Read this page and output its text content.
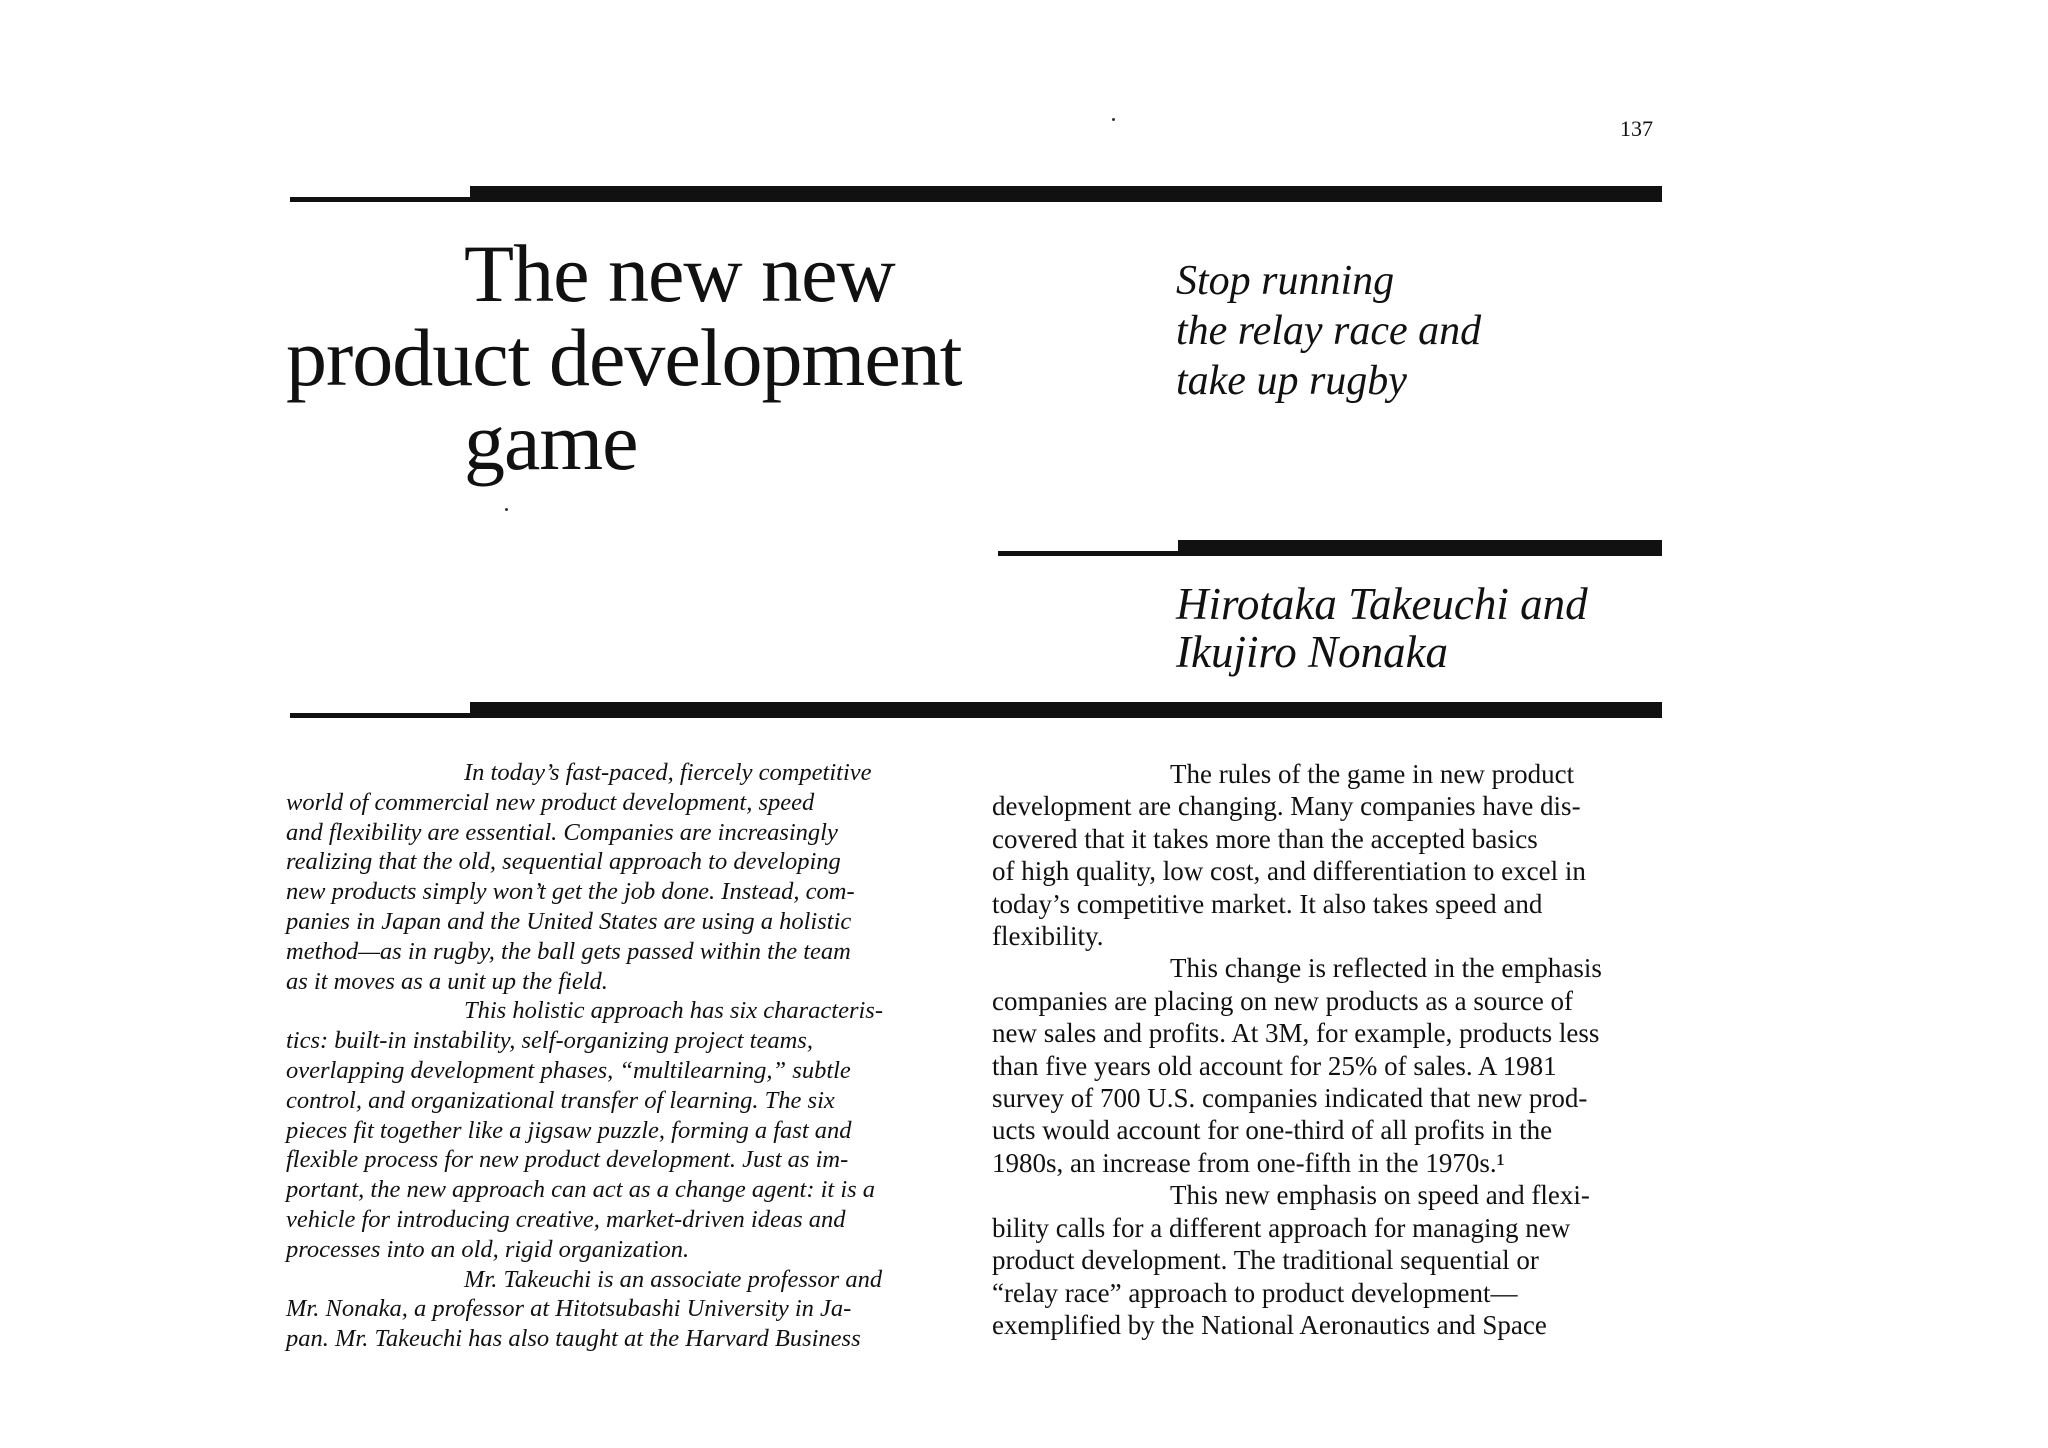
137
The new new
product development
game
Stop running
the relay race and
take up rugby
Hirotaka Takeuchi and
Ikujiro Nonaka
In today’s fast-paced, fiercely competitive
world of commercial new product development, speed
and flexibility are essential. Companies are increasingly
realizing that the old, sequential approach to developing
new products simply won’t get the job done. Instead, com-
panies in Japan and the United States are using a holistic
method—as in rugby, the ball gets passed within the team
as it moves as a unit up the field.
This holistic approach has six characteris-
tics: built-in instability, self-organizing project teams,
overlapping development phases, “multilearning,” subtle
control, and organizational transfer of learning. The six
pieces fit together like a jigsaw puzzle, forming a fast and
flexible process for new product development. Just as im-
portant, the new approach can act as a change agent: it is a
vehicle for introducing creative, market-driven ideas and
processes into an old, rigid organization.
Mr. Takeuchi is an associate professor and
Mr. Nonaka, a professor at Hitotsubashi University in Ja-
pan. Mr. Takeuchi has also taught at the Harvard Business
The rules of the game in new product
development are changing. Many companies have dis-
covered that it takes more than the accepted basics
of high quality, low cost, and differentiation to excel in
today’s competitive market. It also takes speed and
flexibility.
This change is reflected in the emphasis
companies are placing on new products as a source of
new sales and profits. At 3M, for example, products less
than five years old account for 25% of sales. A 1981
survey of 700 U.S. companies indicated that new prod-
ucts would account for one-third of all profits in the
1980s, an increase from one-fifth in the 1970s.¹
This new emphasis on speed and flexi-
bility calls for a different approach for managing new
product development. The traditional sequential or
“relay race” approach to product development—
exemplified by the National Aeronautics and Space
